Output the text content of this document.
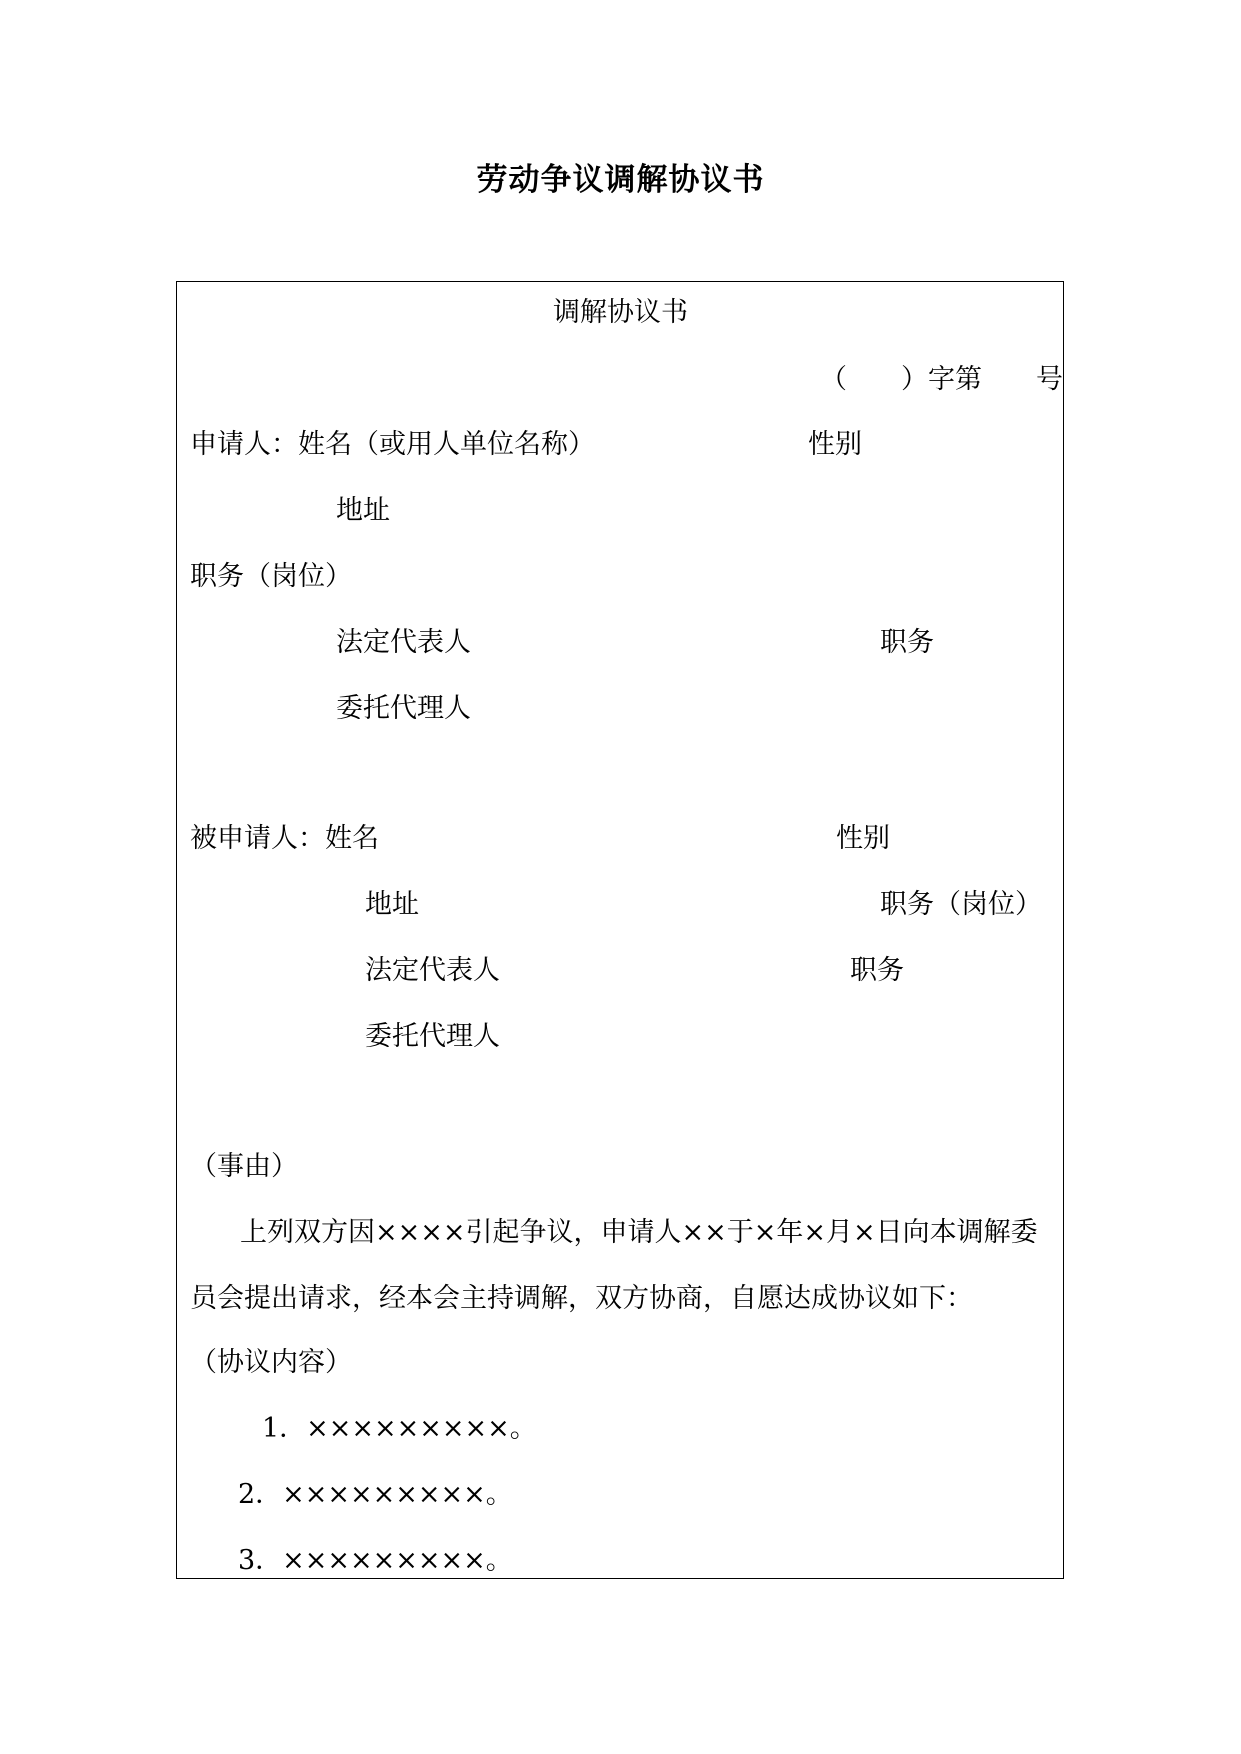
劳动争议调解协议书
调解协议书
（　　）字第　　号
申请人：姓名（或用人单位名称）	性别
地址
职务（岗位）
法定代表人	职务
委托代理人
被申请人：姓名	性别
地址	职务（岗位）
法定代表人	职务
委托代理人
（事由）
上列双方因××××引起争议，申请人××于×年×月×日向本调解委
员会提出请求，经本会主持调解，双方协商，自愿达成协议如下：
（协议内容）
1．×××××××××。
2．×××××××××。
3．×××××××××。
